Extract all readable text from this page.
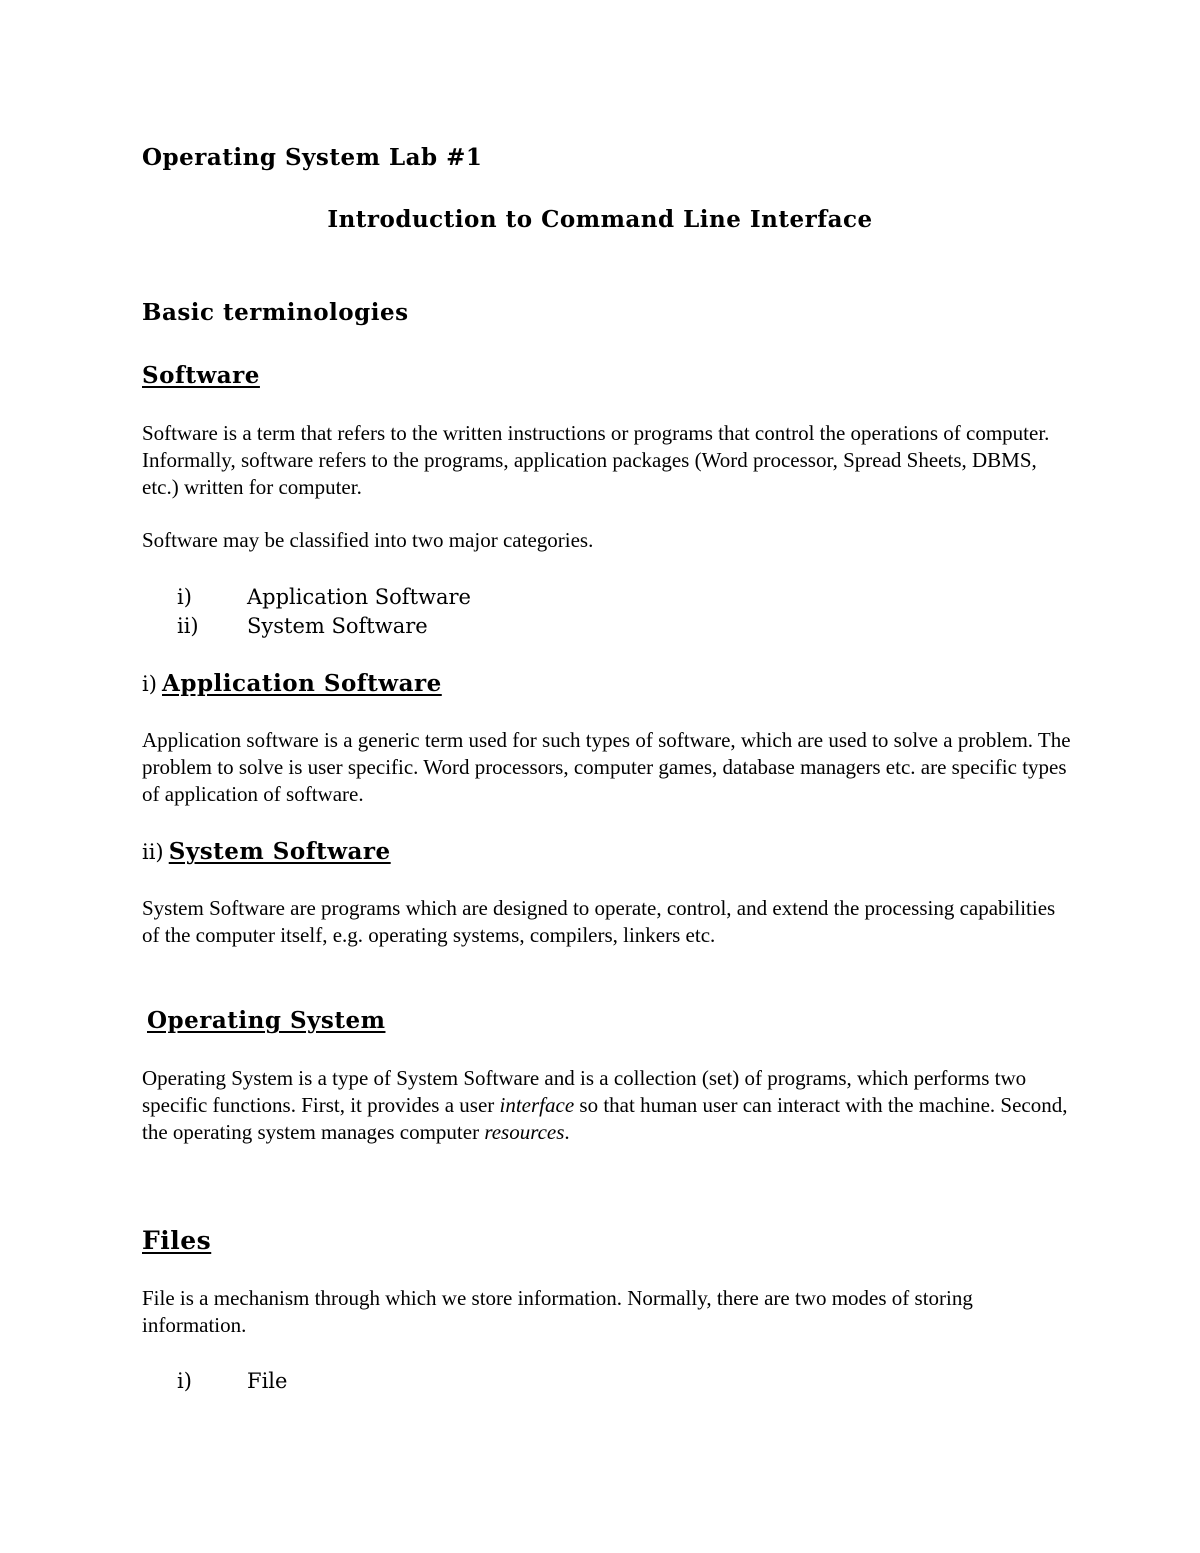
Operating System Lab #1
Introduction to Command Line Interface
Basic terminologies
Software
Software is a term that refers to the written instructions or programs that control the operations of computer. Informally, software refers to the programs, application packages (Word processor, Spread Sheets, DBMS, etc.) written for computer.
Software may be classified into two major categories.
i)	Application Software
ii) System Software
i) Application Software
Application software is a generic term used for such types of software, which are used to solve a problem. The problem to solve is user specific. Word processors, computer games, database managers etc. are specific types of application of software.
ii) System Software
System Software are programs which are designed to operate, control, and extend the processing capabilities of the computer itself, e.g. operating systems, compilers, linkers etc.
Operating System
Operating System is a type of System Software and is a collection (set) of programs, which performs two specific functions. First, it provides a user interface so that human user can interact with the machine. Second, the operating system manages computer resources.
Files
File is a mechanism through which we store information. Normally, there are two modes of storing information.
i)	File
